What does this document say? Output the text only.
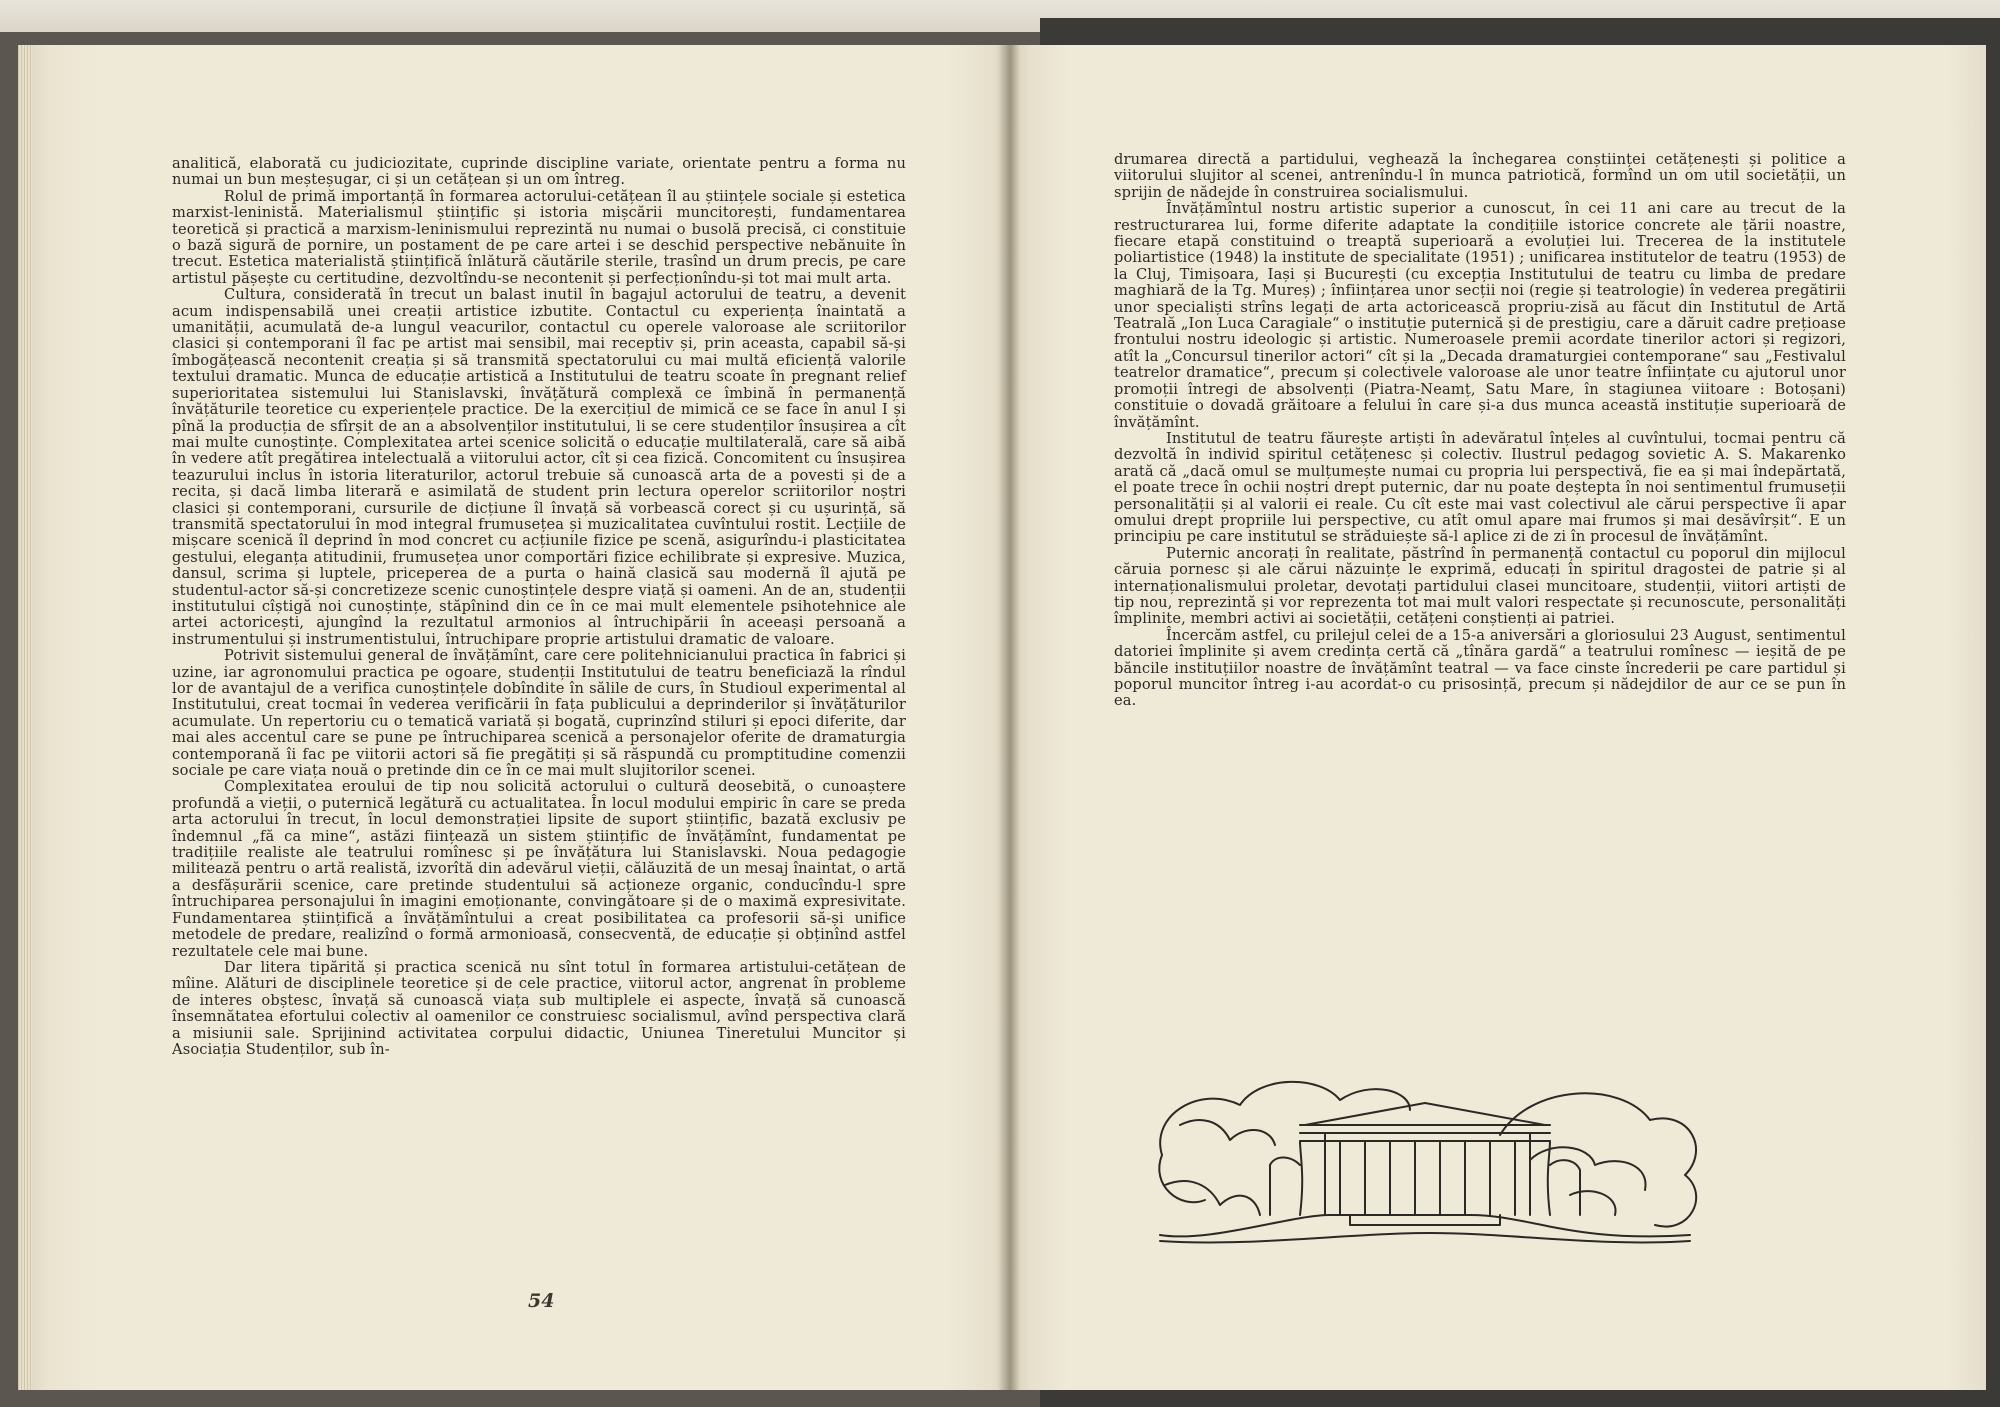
analitică, elaborată cu judiciozitate, cuprinde discipline variate, orientate pentru a forma nu numai un bun meșteșugar, ci și un cetățean și un om întreg.

Rolul de primă importanță în formarea actorului-cetățean îl au științele sociale și estetica marxist-leninistă. Materialismul științific și istoria mișcării muncitorești, fundamentarea teoretică și practică a marxism-leninismului reprezintă nu numai o busolă precisă, ci constituie o bază sigură de pornire, un postament de pe care artei i se deschid perspective nebănuite în trecut. Estetica materialistă științifică înlătură căutările sterile, trasînd un drum precis, pe care artistul pășește cu certitudine, dezvoltîndu-se necontenit și perfecționîndu-și tot mai mult arta.

Cultura, considerată în trecut un balast inutil în bagajul actorului de teatru, a devenit acum indispensabilă unei creații artistice izbutite. Contactul cu experiența înaintată a umanității, acumulată de-a lungul veacurilor, contactul cu operele valoroase ale scriitorilor clasici și contemporani îl fac pe artist mai sensibil, mai receptiv și, prin aceasta, capabil să-și îmbogățească necontenit creația și să transmită spectatorului cu mai multă eficiență valorile textului dramatic. Munca de educație artistică a Institutului de teatru scoate în pregnant relief superioritatea sistemului lui Stanislavski, învățătură complexă ce îmbină în permanență învățăturile teoretice cu experiențele practice. De la exercițiul de mimică ce se face în anul I și pînă la producția de sfîrșit de an a absolvenților institutului, li se cere studenților însușirea a cît mai multe cunoștințe. Complexitatea artei scenice solicită o educație multilaterală, care să aibă în vedere atît pregătirea intelectuală a viitorului actor, cît și cea fizică. Concomitent cu însușirea teazurului inclus în istoria literaturilor, actorul trebuie să cunoască arta de a povesti și de a recita, și dacă limba literară e asimilată de student prin lectura operelor scriitorilor noștri clasici și contemporani, cursurile de dicțiune îl învață să vorbească corect și cu ușurință, să transmită spectatorului în mod integral frumusețea și muzicalitatea cuvîntului rostit. Lecțiile de mișcare scenică îl deprind în mod concret cu acțiunile fizice pe scenă, asigurîndu-i plasticitatea gestului, eleganța atitudinii, frumusețea unor comportări fizice echilibrate și expresive. Muzica, dansul, scrima și luptele, priceperea de a purta o haină clasică sau modernă îl ajută pe studentul-actor să-și concretizeze scenic cunoștințele despre viață și oameni. An de an, studenții institutului cîștigă noi cunoștințe, stăpînind din ce în ce mai mult elementele psihotehnice ale artei actoricești, ajungînd la rezultatul armonios al întruchipării în aceeași persoană a instrumentului și instrumentistului, întruchipare proprie artistului dramatic de valoare.

Potrivit sistemului general de învățămînt, care cere politehnicianului practica în fabrici și uzine, iar agronomului practica pe ogoare, studenții Institutului de teatru beneficiază la rîndul lor de avantajul de a verifica cunoștințele dobîndite în sălile de curs, în Studioul experimental al Institutului, creat tocmai în vederea verificării în fața publicului a deprinderilor și învățăturilor acumulate. Un repertoriu cu o tematică variată și bogată, cuprinzînd stiluri și epoci diferite, dar mai ales accentul care se pune pe întruchiparea scenică a personajelor oferite de dramaturgia contemporană îi fac pe viitorii actori să fie pregătiți și să răspundă cu promptitudine comenzii sociale pe care viața nouă o pretinde din ce în ce mai mult slujitorilor scenei.

Complexitatea eroului de tip nou solicită actorului o cultură deosebită, o cunoaștere profundă a vieții, o puternică legătură cu actualitatea. În locul modului empiric în care se preda arta actorului în trecut, în locul demonstrației lipsite de suport științific, bazată exclusiv pe îndemnul „fă ca mine“, astăzi ființează un sistem științific de învățămînt, fundamentat pe tradițiile realiste ale teatrului romînesc și pe învățătura lui Stanislavski. Noua pedagogie militează pentru o artă realistă, izvorîtă din adevărul vieții, călăuzită de un mesaj înaintat, o artă a desfășurării scenice, care pretinde studentului să acționeze organic, conducîndu-l spre întruchiparea personajului în imagini emoționante, convingătoare și de o maximă expresivitate. Fundamentarea științifică a învățămîntului a creat posibilitatea ca profesorii să-și unifice metodele de predare, realizînd o formă armonioasă, consecventă, de educație și obținînd astfel rezultatele cele mai bune.

Dar litera tipărită și practica scenică nu sînt totul în formarea artistului-cetățean de mîine. Alături de disciplinele teoretice și de cele practice, viitorul actor, angrenat în probleme de interes obștesc, învață să cunoască viața sub multiplele ei aspecte, învață să cunoască însemnătatea efortului colectiv al oamenilor ce construiesc socialismul, avînd perspectiva clară a misiunii sale. Sprijinind activitatea corpului didactic, Uniunea Tineretului Muncitor și Asociația Studenților, sub în-

54

drumarea directă a partidului, veghează la închegarea conștiinței cetățenești și politice a viitorului slujitor al scenei, antrenîndu-l în munca patriotică, formînd un om util societății, un sprijin de nădejde în construirea socialismului.

Învățămîntul nostru artistic superior a cunoscut, în cei 11 ani care au trecut de la restructurarea lui, forme diferite adaptate la condițiile istorice concrete ale țării noastre, fiecare etapă constituind o treaptă superioară a evoluției lui. Trecerea de la institutele poliartistice (1948) la institute de specialitate (1951) ; unificarea institutelor de teatru (1953) de la Cluj, Timișoara, Iași și București (cu excepția Institutului de teatru cu limba de predare maghiară de la Tg. Mureș) ; înființarea unor secții noi (regie și teatrologie) în vederea pregătirii unor specialiști strîns legați de arta actoricească propriu-zisă au făcut din Institutul de Artă Teatrală „Ion Luca Caragiale“ o instituție puternică și de prestigiu, care a dăruit cadre prețioase frontului nostru ideologic și artistic. Numeroasele premii acordate tinerilor actori și regizori, atît la „Concursul tinerilor actori“ cît și la „Decada dramaturgiei contemporane“ sau „Festivalul teatrelor dramatice“, precum și colectivele valoroase ale unor teatre înființate cu ajutorul unor promoții întregi de absolvenți (Piatra-Neamț, Satu Mare, în stagiunea viitoare : Botoșani) constituie o dovadă grăitoare a felului în care și-a dus munca această instituție superioară de învățămînt.

Institutul de teatru făurește artiști în adevăratul înțeles al cuvîntului, tocmai pentru că dezvoltă în individ spiritul cetățenesc și colectiv. Ilustrul pedagog sovietic A. S. Makarenko arată că „dacă omul se mulțumește numai cu propria lui perspectivă, fie ea și mai îndepărtată, el poate trece în ochii noștri drept puternic, dar nu poate deștepta în noi sentimentul frumuseții personalității și al valorii ei reale. Cu cît este mai vast colectivul ale cărui perspective îi apar omului drept propriile lui perspective, cu atît omul apare mai frumos și mai desăvîrșit“. E un principiu pe care institutul se străduiește să-l aplice zi de zi în procesul de învățămînt.

Puternic ancorați în realitate, păstrînd în permanență contactul cu poporul din mijlocul căruia pornesc și ale cărui năzuințe le exprimă, educați în spiritul dragostei de patrie și al internaționalismului proletar, devotați partidului clasei muncitoare, studenții, viitori artiști de tip nou, reprezintă și vor reprezenta tot mai mult valori respectate și recunoscute, personalități împlinite, membri activi ai societății, cetățeni conștienți ai patriei.

Încercăm astfel, cu prilejul celei de a 15-a aniversări a gloriosului 23 August, sentimentul datoriei împlinite și avem credința certă că „tînăra gardă“ a teatrului romînesc — ieșită de pe băncile instituțiilor noastre de învățămînt teatral — va face cinste încrederii pe care partidul și poporul muncitor întreg i-au acordat-o cu prisosință, precum și nădejdilor de aur ce se pun în ea.
